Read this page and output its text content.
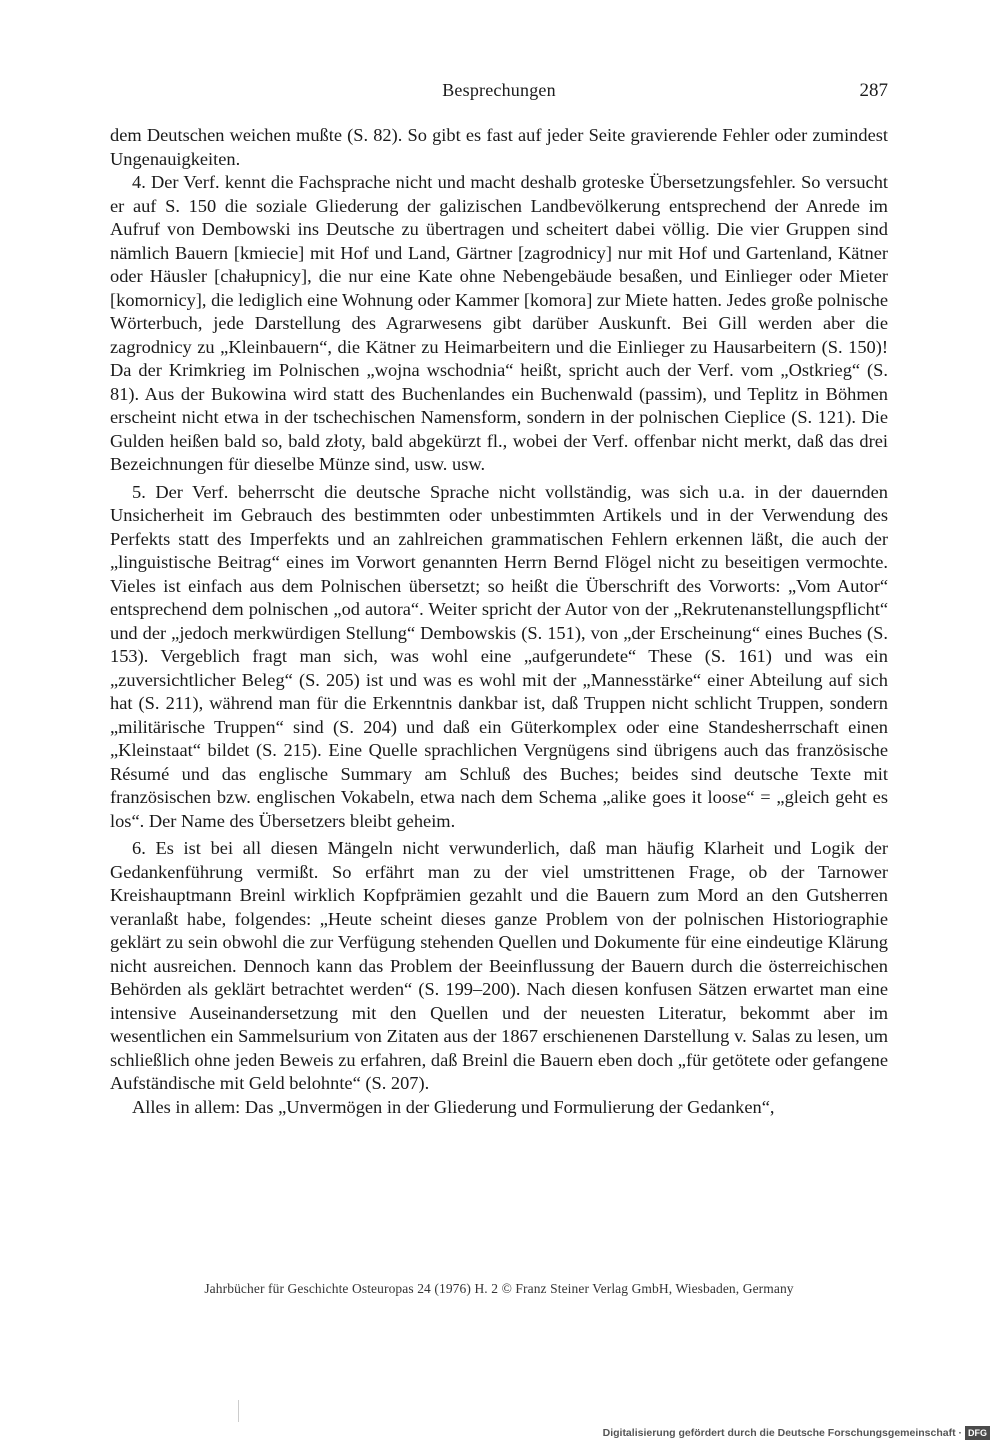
Besprechungen	287

dem Deutschen weichen mußte (S. 82). So gibt es fast auf jeder Seite gravierende Fehler oder zumindest Ungenauigkeiten.

4. Der Verf. kennt die Fachsprache nicht und macht deshalb groteske Übersetzungsfehler. So versucht er auf S. 150 die soziale Gliederung der galizischen Landbevölkerung entsprechend der Anrede im Aufruf von Dembowski ins Deutsche zu übertragen und scheitert dabei völlig. Die vier Gruppen sind nämlich Bauern [kmiecie] mit Hof und Land, Gärtner [zagrodnicy] nur mit Hof und Gartenland, Kätner oder Häusler [chałupnicy], die nur eine Kate ohne Nebengebäude besaßen, und Einlieger oder Mieter [komornicy], die lediglich eine Wohnung oder Kammer [komora] zur Miete hatten. Jedes große polnische Wörterbuch, jede Darstellung des Agrarwesens gibt darüber Auskunft. Bei Gill werden aber die zagrodnicy zu „Kleinbauern“, die Kätner zu Heimarbeitern und die Einlieger zu Hausarbeitern (S. 150)! Da der Krimkrieg im Polnischen „wojna wschodnia“ heißt, spricht auch der Verf. vom „Ostkrieg“ (S. 81). Aus der Bukowina wird statt des Buchenlandes ein Buchenwald (passim), und Teplitz in Böhmen erscheint nicht etwa in der tschechischen Namensform, sondern in der polnischen Cieplice (S. 121). Die Gulden heißen bald so, bald złoty, bald abgekürzt fl., wobei der Verf. offenbar nicht merkt, daß das drei Bezeichnungen für dieselbe Münze sind, usw. usw.

5. Der Verf. beherrscht die deutsche Sprache nicht vollständig, was sich u.a. in der dauernden Unsicherheit im Gebrauch des bestimmten oder unbestimmten Artikels und in der Verwendung des Perfekts statt des Imperfekts und an zahlreichen grammatischen Fehlern erkennen läßt, die auch der „linguistische Beitrag“ eines im Vorwort genannten Herrn Bernd Flögel nicht zu beseitigen vermochte. Vieles ist einfach aus dem Polnischen übersetzt; so heißt die Überschrift des Vorworts: „Vom Autor“ entsprechend dem polnischen „od autora“. Weiter spricht der Autor von der „Rekrutenanstellungspflicht“ und der „jedoch merkwürdigen Stellung“ Dembowskis (S. 151), von „der Erscheinung“ eines Buches (S. 153). Vergeblich fragt man sich, was wohl eine „aufgerundete“ These (S. 161) und was ein „zuversichtlicher Beleg“ (S. 205) ist und was es wohl mit der „Mannesstärke“ einer Abteilung auf sich hat (S. 211), während man für die Erkenntnis dankbar ist, daß Truppen nicht schlicht Truppen, sondern „militärische Truppen“ sind (S. 204) und daß ein Güterkomplex oder eine Standesherrschaft einen „Kleinstaat“ bildet (S. 215). Eine Quelle sprachlichen Vergnügens sind übrigens auch das französische Résumé und das englische Summary am Schluß des Buches; beides sind deutsche Texte mit französischen bzw. englischen Vokabeln, etwa nach dem Schema „alike goes it loose“ = „gleich geht es los“. Der Name des Übersetzers bleibt geheim.

6. Es ist bei all diesen Mängeln nicht verwunderlich, daß man häufig Klarheit und Logik der Gedankenführung vermißt. So erfährt man zu der viel umstrittenen Frage, ob der Tarnower Kreishauptmann Breinl wirklich Kopfprämien gezahlt und die Bauern zum Mord an den Gutsherren veranlaßt habe, folgendes: „Heute scheint dieses ganze Problem von der polnischen Historiographie geklärt zu sein obwohl die zur Verfügung stehenden Quellen und Dokumente für eine eindeutige Klärung nicht ausreichen. Dennoch kann das Problem der Beeinflussung der Bauern durch die österreichischen Behörden als geklärt betrachtet werden“ (S. 199–200). Nach diesen konfusen Sätzen erwartet man eine intensive Auseinandersetzung mit den Quellen und der neuesten Literatur, bekommt aber im wesentlichen ein Sammelsurium von Zitaten aus der 1867 erschienenen Darstellung v. Salas zu lesen, um schließlich ohne jeden Beweis zu erfahren, daß Breinl die Bauern eben doch „für getötete oder gefangene Aufständische mit Geld belohnte“ (S. 207).

Alles in allem: Das „Unvermögen in der Gliederung und Formulierung der Gedanken“,

Jahrbücher für Geschichte Osteuropas 24 (1976) H. 2 © Franz Steiner Verlag GmbH, Wiesbaden, Germany
Digitalisierung gefördert durch die Deutsche Forschungsgemeinschaft · DFG
